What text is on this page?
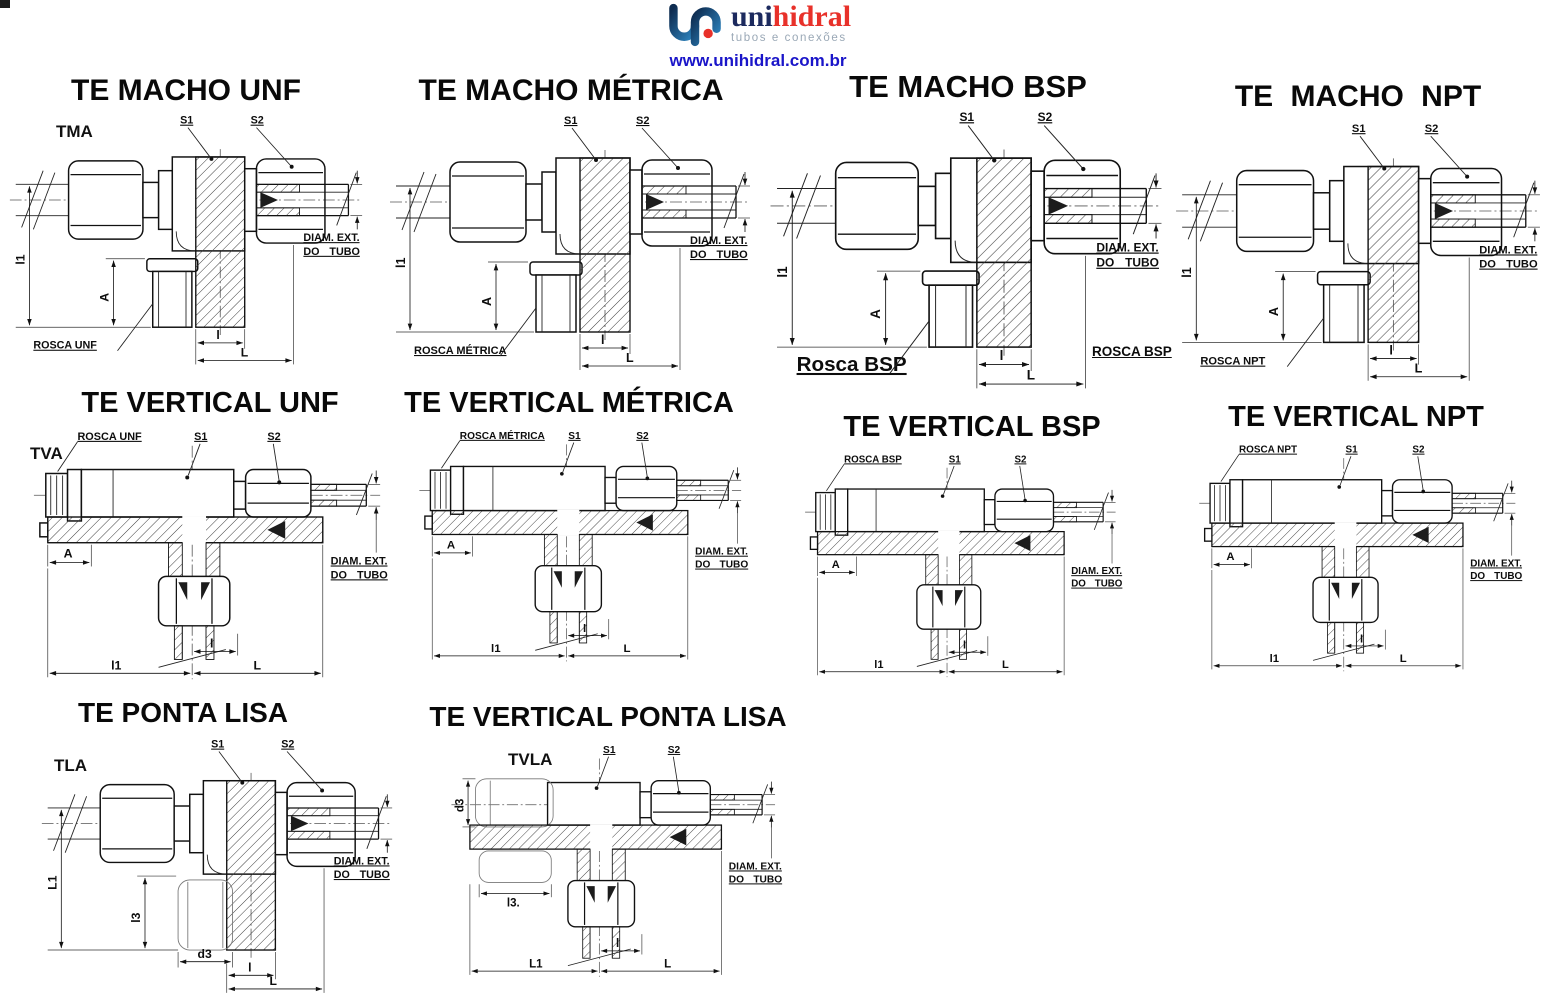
unihidral
tubos e conexões
www.unihidral.com.br
ROSCA BSP
TE MACHO UNF
TMA
l1
A
l
L
DIAM. EXT.
DO TUBO
S1	S2
ROSCA UNF
TE MACHO MÉTRICA
l1
A
l
L
DIAM. EXT.
DO TUBO
S1	S2
ROSCA MÉTRICA
TE MACHO BSP
l1
A
l
L
DIAM. EXT.
DO TUBO
S1	S2
Rosca BSP
TE MACHO NPT
l1
A
l
L
DIAM. EXT.
DO TUBO
S1	S2
ROSCA NPT
TE VERTICAL UNF
TVA
A
l1	L
l
DIAM. EXT.
DO TUBO
ROSCA UNF	S1	S2
TE VERTICAL MÉTRICA
A
l1	L
l
DIAM. EXT.
DO TUBO
ROSCA MÉTRICA S1	S2	TE VERTICAL BSP
A
l1	L
l
DIAM. EXT.
DO TUBO
ROSCA BSP	S1	S2
TE VERTICAL NPT
A
l1	L
l
DIAM. EXT.
DO TUBO
ROSCA NPT	S1	S2
TE PONTA LISA
TLA
L1
l3
d3
l
L
DIAM. EXT.
DO TUBO
S1	S2
TE VERTICAL PONTA LISA
TVLA
d3
l3.
L1	L
l
DIAM. EXT.
DO TUBO
S1	S2
